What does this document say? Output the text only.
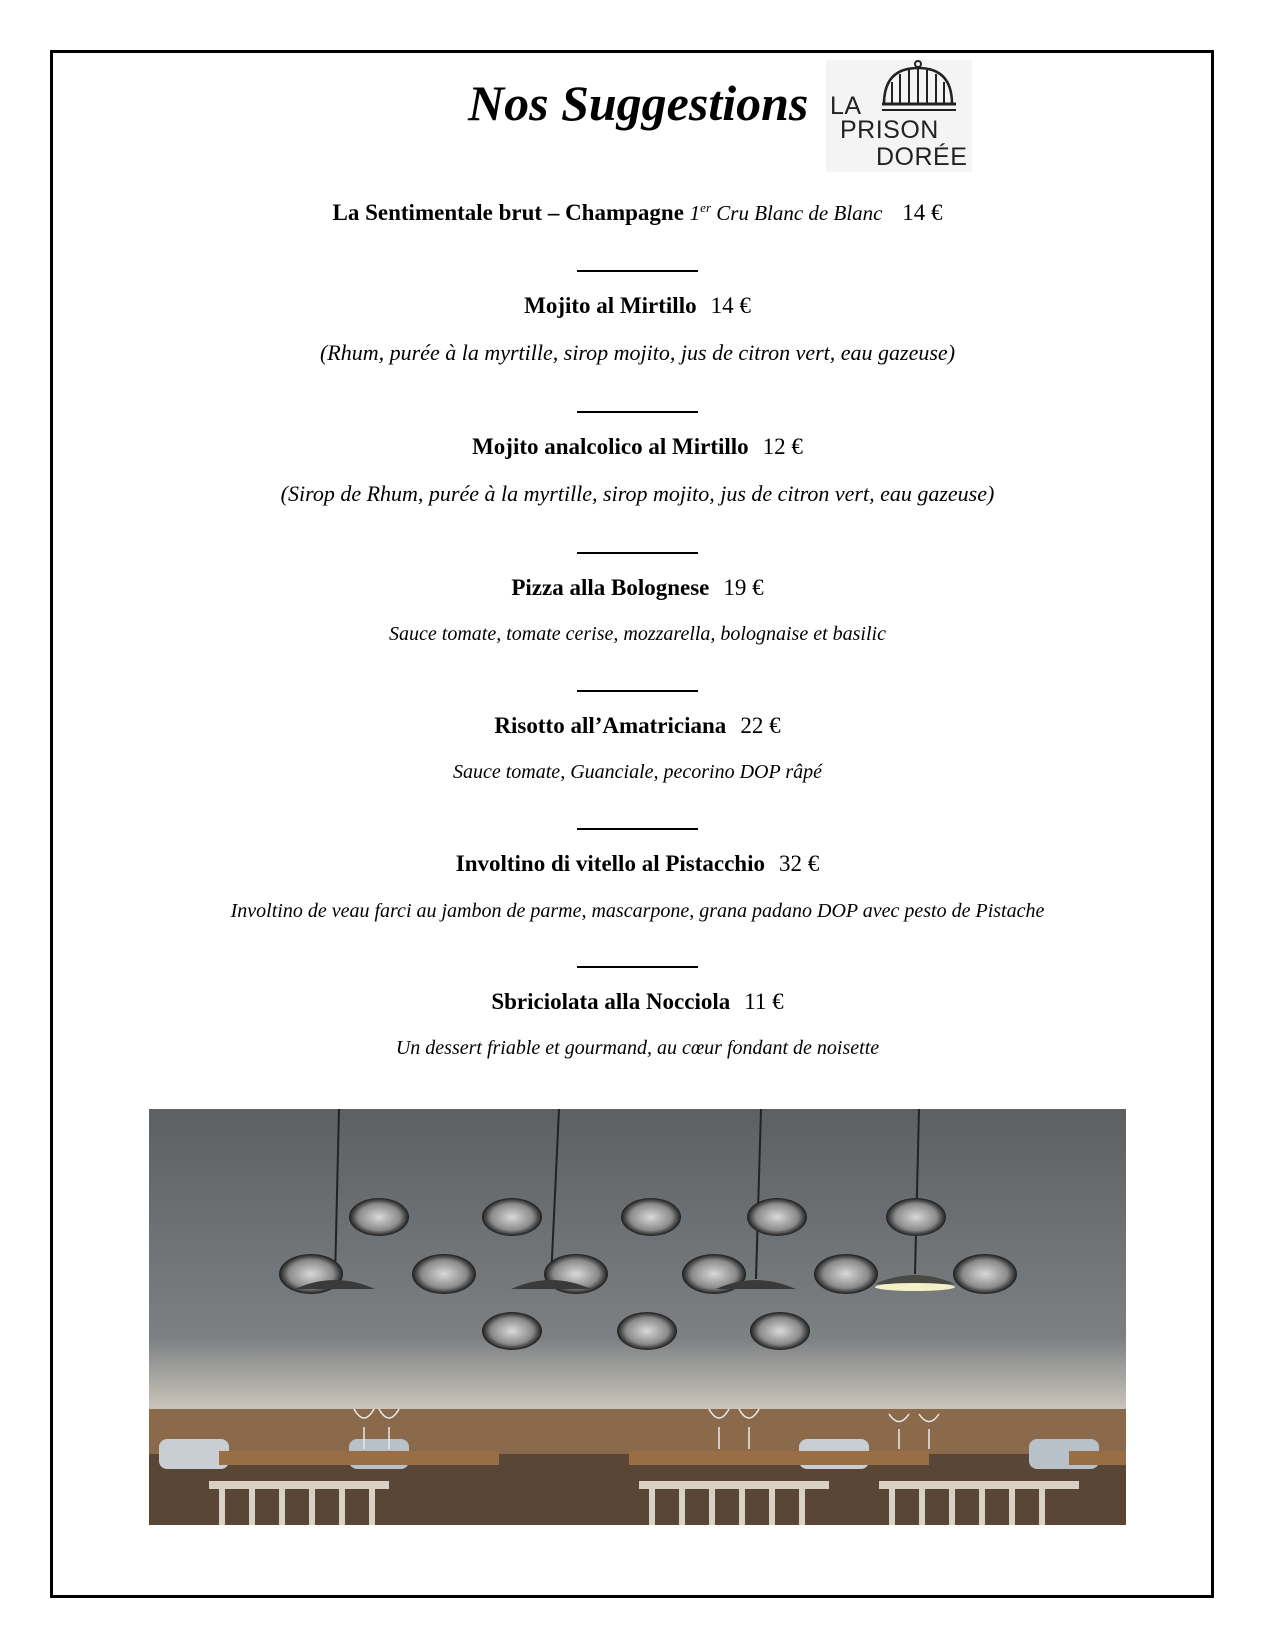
Nos Suggestions LA
PRISON
DORÉE
La Sentimentale brut – Champagne 1er Cru Blanc de Blanc 14 €
Mojito al Mirtillo 14 €
(Rhum, purée à la myrtille, sirop mojito, jus de citron vert, eau gazeuse)
Mojito analcolico al Mirtillo 12 €
(Sirop de Rhum, purée à la myrtille, sirop mojito, jus de citron vert, eau gazeuse)
Pizza alla Bolognese 19 €
Sauce tomate, tomate cerise, mozzarella, bolognaise et basilic
Risotto all’Amatriciana 22 €
Sauce tomate, Guanciale, pecorino DOP râpé
Involtino di vitello al Pistacchio 32 €
Involtino de veau farci au jambon de parme, mascarpone, grana padano DOP avec pesto de Pistache
Sbriciolata alla Nocciola 11 €
Un dessert friable et gourmand, au cœur fondant de noisette
